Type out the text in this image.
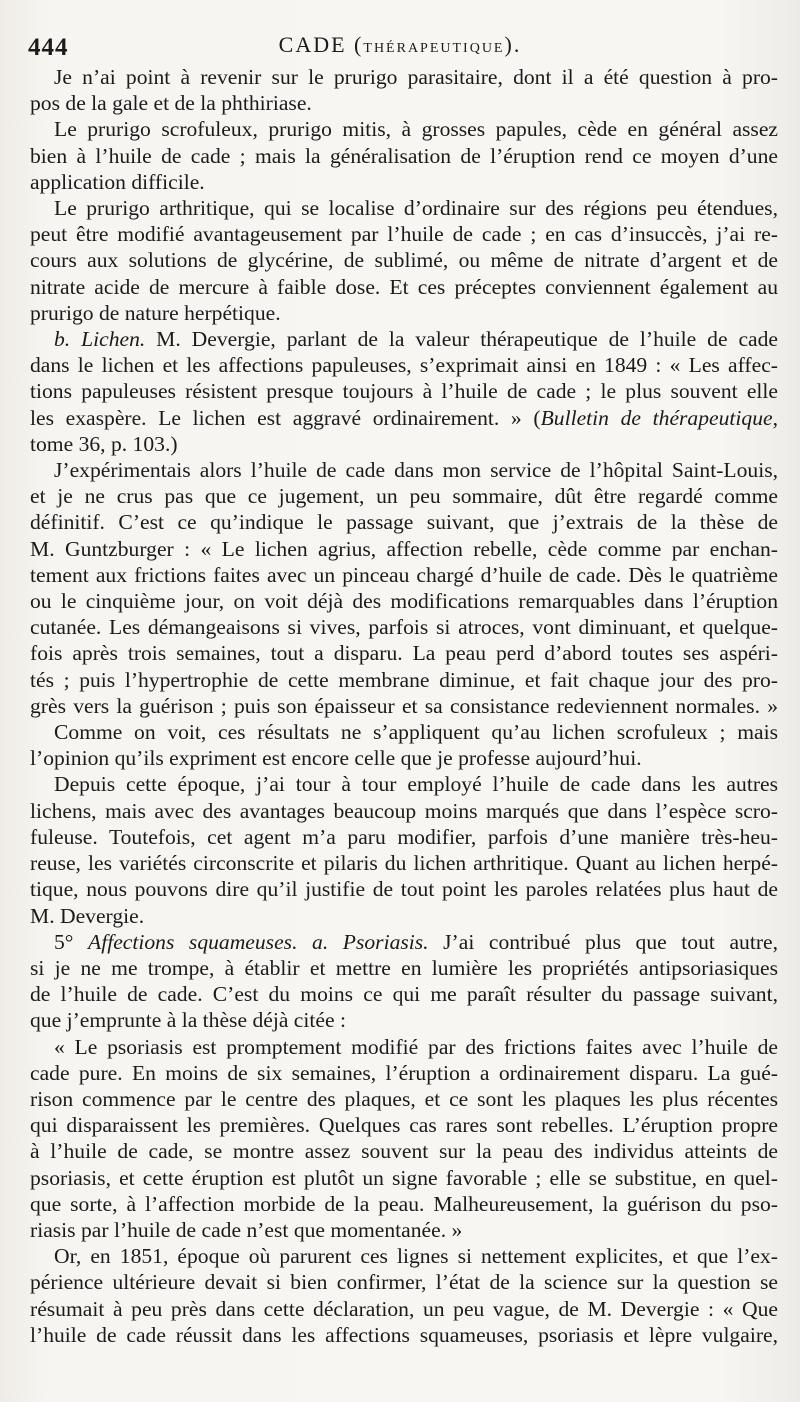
444	CADE (THÉRAPEUTIQUE).
Je n’ai point à revenir sur le prurigo parasitaire, dont il a été question à pro-
pos de la gale et de la phthiriase.
Le prurigo scrofuleux, prurigo mitis, à grosses papules, cède en général assez
bien à l’huile de cade ; mais la généralisation de l’éruption rend ce moyen d’une
application difficile.
Le prurigo arthritique, qui se localise d’ordinaire sur des régions peu étendues,
peut être modifié avantageusement par l’huile de cade ; en cas d’insuccès, j’ai re-
cours aux solutions de glycérine, de sublimé, ou même de nitrate d’argent et de
nitrate acide de mercure à faible dose. Et ces préceptes conviennent également au
prurigo de nature herpétique.
b. Lichen. M. Devergie, parlant de la valeur thérapeutique de l’huile de cade
dans le lichen et les affections papuleuses, s’exprimait ainsi en 1849 : « Les affec-
tions papuleuses résistent presque toujours à l’huile de cade ; le plus souvent elle
les exaspère. Le lichen est aggravé ordinairement. » (Bulletin de thérapeutique,
tome 36, p. 103.)
J’expérimentais alors l’huile de cade dans mon service de l’hôpital Saint-Louis,
et je ne crus pas que ce jugement, un peu sommaire, dût être regardé comme
définitif. C’est ce qu’indique le passage suivant, que j’extrais de la thèse de
M. Guntzburger : « Le lichen agrius, affection rebelle, cède comme par enchan-
tement aux frictions faites avec un pinceau chargé d’huile de cade. Dès le quatrième
ou le cinquième jour, on voit déjà des modifications remarquables dans l’éruption
cutanée. Les démangeaisons si vives, parfois si atroces, vont diminuant, et quelque-
fois après trois semaines, tout a disparu. La peau perd d’abord toutes ses aspéri-
tés ; puis l’hypertrophie de cette membrane diminue, et fait chaque jour des pro-
grès vers la guérison ; puis son épaisseur et sa consistance redeviennent normales. »
Comme on voit, ces résultats ne s’appliquent qu’au lichen scrofuleux ; mais
l’opinion qu’ils expriment est encore celle que je professe aujourd’hui.
Depuis cette époque, j’ai tour à tour employé l’huile de cade dans les autres
lichens, mais avec des avantages beaucoup moins marqués que dans l’espèce scro-
fuleuse. Toutefois, cet agent m’a paru modifier, parfois d’une manière très-heu-
reuse, les variétés circonscrite et pilaris du lichen arthritique. Quant au lichen herpé-
tique, nous pouvons dire qu’il justifie de tout point les paroles relatées plus haut de
M. Devergie.
5° Affections squameuses. a. Psoriasis. J’ai contribué plus que tout autre,
si je ne me trompe, à établir et mettre en lumière les propriétés antipsoriasiques
de l’huile de cade. C’est du moins ce qui me paraît résulter du passage suivant,
que j’emprunte à la thèse déjà citée :
« Le psoriasis est promptement modifié par des frictions faites avec l’huile de
cade pure. En moins de six semaines, l’éruption a ordinairement disparu. La gué-
rison commence par le centre des plaques, et ce sont les plaques les plus récentes
qui disparaissent les premières. Quelques cas rares sont rebelles. L’éruption propre
à l’huile de cade, se montre assez souvent sur la peau des individus atteints de
psoriasis, et cette éruption est plutôt un signe favorable ; elle se substitue, en quel-
que sorte, à l’affection morbide de la peau. Malheureusement, la guérison du pso-
riasis par l’huile de cade n’est que momentanée. »
Or, en 1851, époque où parurent ces lignes si nettement explicites, et que l’ex-
périence ultérieure devait si bien confirmer, l’état de la science sur la question se
résumait à peu près dans cette déclaration, un peu vague, de M. Devergie : « Que
l’huile de cade réussit dans les affections squameuses, psoriasis et lèpre vulgaire,
